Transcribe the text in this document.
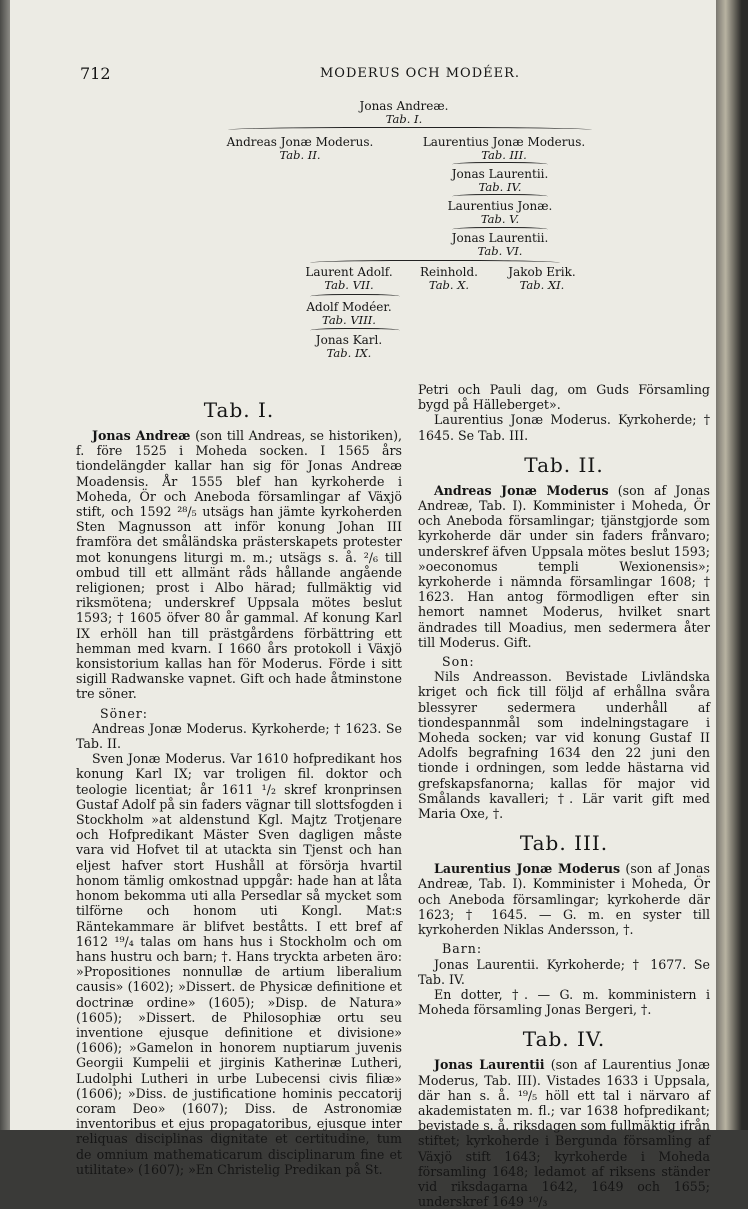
712	MODERUS OCH MODÉER.
Jonas Andreæ.
Tab. I.
Andreas Jonæ Moderus.
Tab. II.
Laurentius Jonæ Moderus.
Tab. III.
Jonas Laurentii.
Tab. IV.
Laurentius Jonæ.
Tab. V.
Jonas Laurentii.
Tab. VI.
Laurent Adolf.
Tab. VII.
Reinhold.
Tab. X.
Jakob Erik.
Tab. XI.
Adolf Modéer.
Tab. VIII.
Jonas Karl.
Tab. IX.
Tab. I.

Jonas Andreæ (son till Andreas, se historiken), f. före 1525 i Moheda socken. I 1565 års tiondelängder kallar han sig för Jonas Andreæ Moadensis. År 1555 blef han kyrkoherde i Moheda, Ör och Aneboda församlingar af Växjö stift, och 1592 ²⁸/₅ utsägs han jämte kyrkoherden Sten Magnusson att inför konung Johan III framföra det småländska prästerskapets protester mot konungens liturgi m. m.; utsägs s. å. ²/₆ till ombud till ett allmänt råds hållande angående religionen; prost i Albo härad; fullmäktig vid riksmötena; underskref Uppsala mötes beslut 1593; † 1605 öfver 80 år gammal. Af konung Karl IX erhöll han till prästgårdens förbättring ett hemman med kvarn. I 1660 års protokoll i Växjö konsistorium kallas han för Moderus. Förde i sitt sigill Radwanske vapnet. Gift och hade åtminstone tre söner.

Söner:

Andreas Jonæ Moderus. Kyrkoherde; † 1623. Se Tab. II.

Sven Jonæ Moderus. Var 1610 hofpredikant hos konung Karl IX; var troligen fil. doktor och teologie licentiat; år 1611 ¹/₂ skref kronprinsen Gustaf Adolf på sin faders vägnar till slottsfogden i Stockholm »at aldenstund Kgl. Majtz Trotjenare och Hofpredikant Mäster Sven dagligen måste vara vid Hofvet til at utackta sin Tjenst och han eljest hafver stort Hushåll at försörja hvartil honom tämlig omkostnad uppgår: hade han at låta honom bekomma uti alla Persedlar så mycket som tilförne och honom uti Kongl. Mat:s Räntekammare är blifvet beståtts. I ett bref af 1612 ¹⁹/₄ talas om hans hus i Stockholm och om hans hustru och barn; †. Hans tryckta arbeten äro: »Propositiones nonnullæ de artium liberalium causis» (1602); »Dissert. de Physicæ definitione et doctrinæ ordine» (1605); »Disp. de Natura» (1605); »Dissert. de Philosophiæ ortu seu inventione ejusque definitione et divisione» (1606); »Gamelon in honorem nuptiarum juvenis Georgii Kumpelii et jirginis Katherinæ Lutheri, Ludolphi Lutheri in urbe Lubecensi civis filiæ» (1606); »Diss. de justificatione hominis peccatorij coram Deo» (1607); Diss. de Astronomiæ inventoribus et ejus propagatoribus, ejusque inter reliquas disciplinas dignitate et certitudine, tum de omnium mathematicarum disciplinarum fine et utilitate» (1607); »En Christelig Predikan på St.

Petri och Pauli dag, om Guds Församling bygd på Hälleberget».

Laurentius Jonæ Moderus. Kyrkoherde; † 1645. Se Tab. III.

Tab. II.

Andreas Jonæ Moderus (son af Jonas Andreæ, Tab. I). Komminister i Moheda, Ör och Aneboda församlingar; tjänstgjorde som kyrkoherde där under sin faders frånvaro; underskref äfven Uppsala mötes beslut 1593; »oeconomus templi Wexionensis»; kyrkoherde i nämnda församlingar 1608; † 1623. Han antog förmodligen efter sin hemort namnet Moderus, hvilket snart ändrades till Moadius, men sedermera åter till Moderus. Gift.

Son:

Nils Andreasson. Bevistade Livländska kriget och fick till följd af erhållna svåra blessyrer sedermera underhåll af tiondespannmål som indelningstagare i Moheda socken; var vid konung Gustaf II Adolfs begrafning 1634 den 22 juni den tionde i ordningen, som ledde hästarna vid grefskapsfanorna; kallas för major vid Smålands kavalleri; †. Lär varit gift med Maria Oxe, †.

Tab. III.

Laurentius Jonæ Moderus (son af Jonas Andreæ, Tab. I). Komminister i Moheda, Ör och Aneboda församlingar; kyrkoherde där 1623; † 1645. — G. m. en syster till kyrkoherden Niklas Andersson, †.

Barn:

Jonas Laurentii. Kyrkoherde; † 1677. Se Tab. IV.

En dotter, †. — G. m. komministern i Moheda församling Jonas Bergeri, †.

Tab. IV.

Jonas Laurentii (son af Laurentius Jonæ Moderus, Tab. III). Vistades 1633 i Uppsala, där han s. å. ¹⁹/₅ höll ett tal i närvaro af akademistaten m. fl.; var 1638 hofpredikant; bevistade s. å. riksdagen som fullmäktig ifrån stiftet; kyrkoherde i Bergunda församling af Växjö stift 1643; kyrkoherde i Moheda församling 1648; ledamot af riksens ständer vid riksdagarna 1642, 1649 och 1655; underskref 1649 ¹⁰/₃
